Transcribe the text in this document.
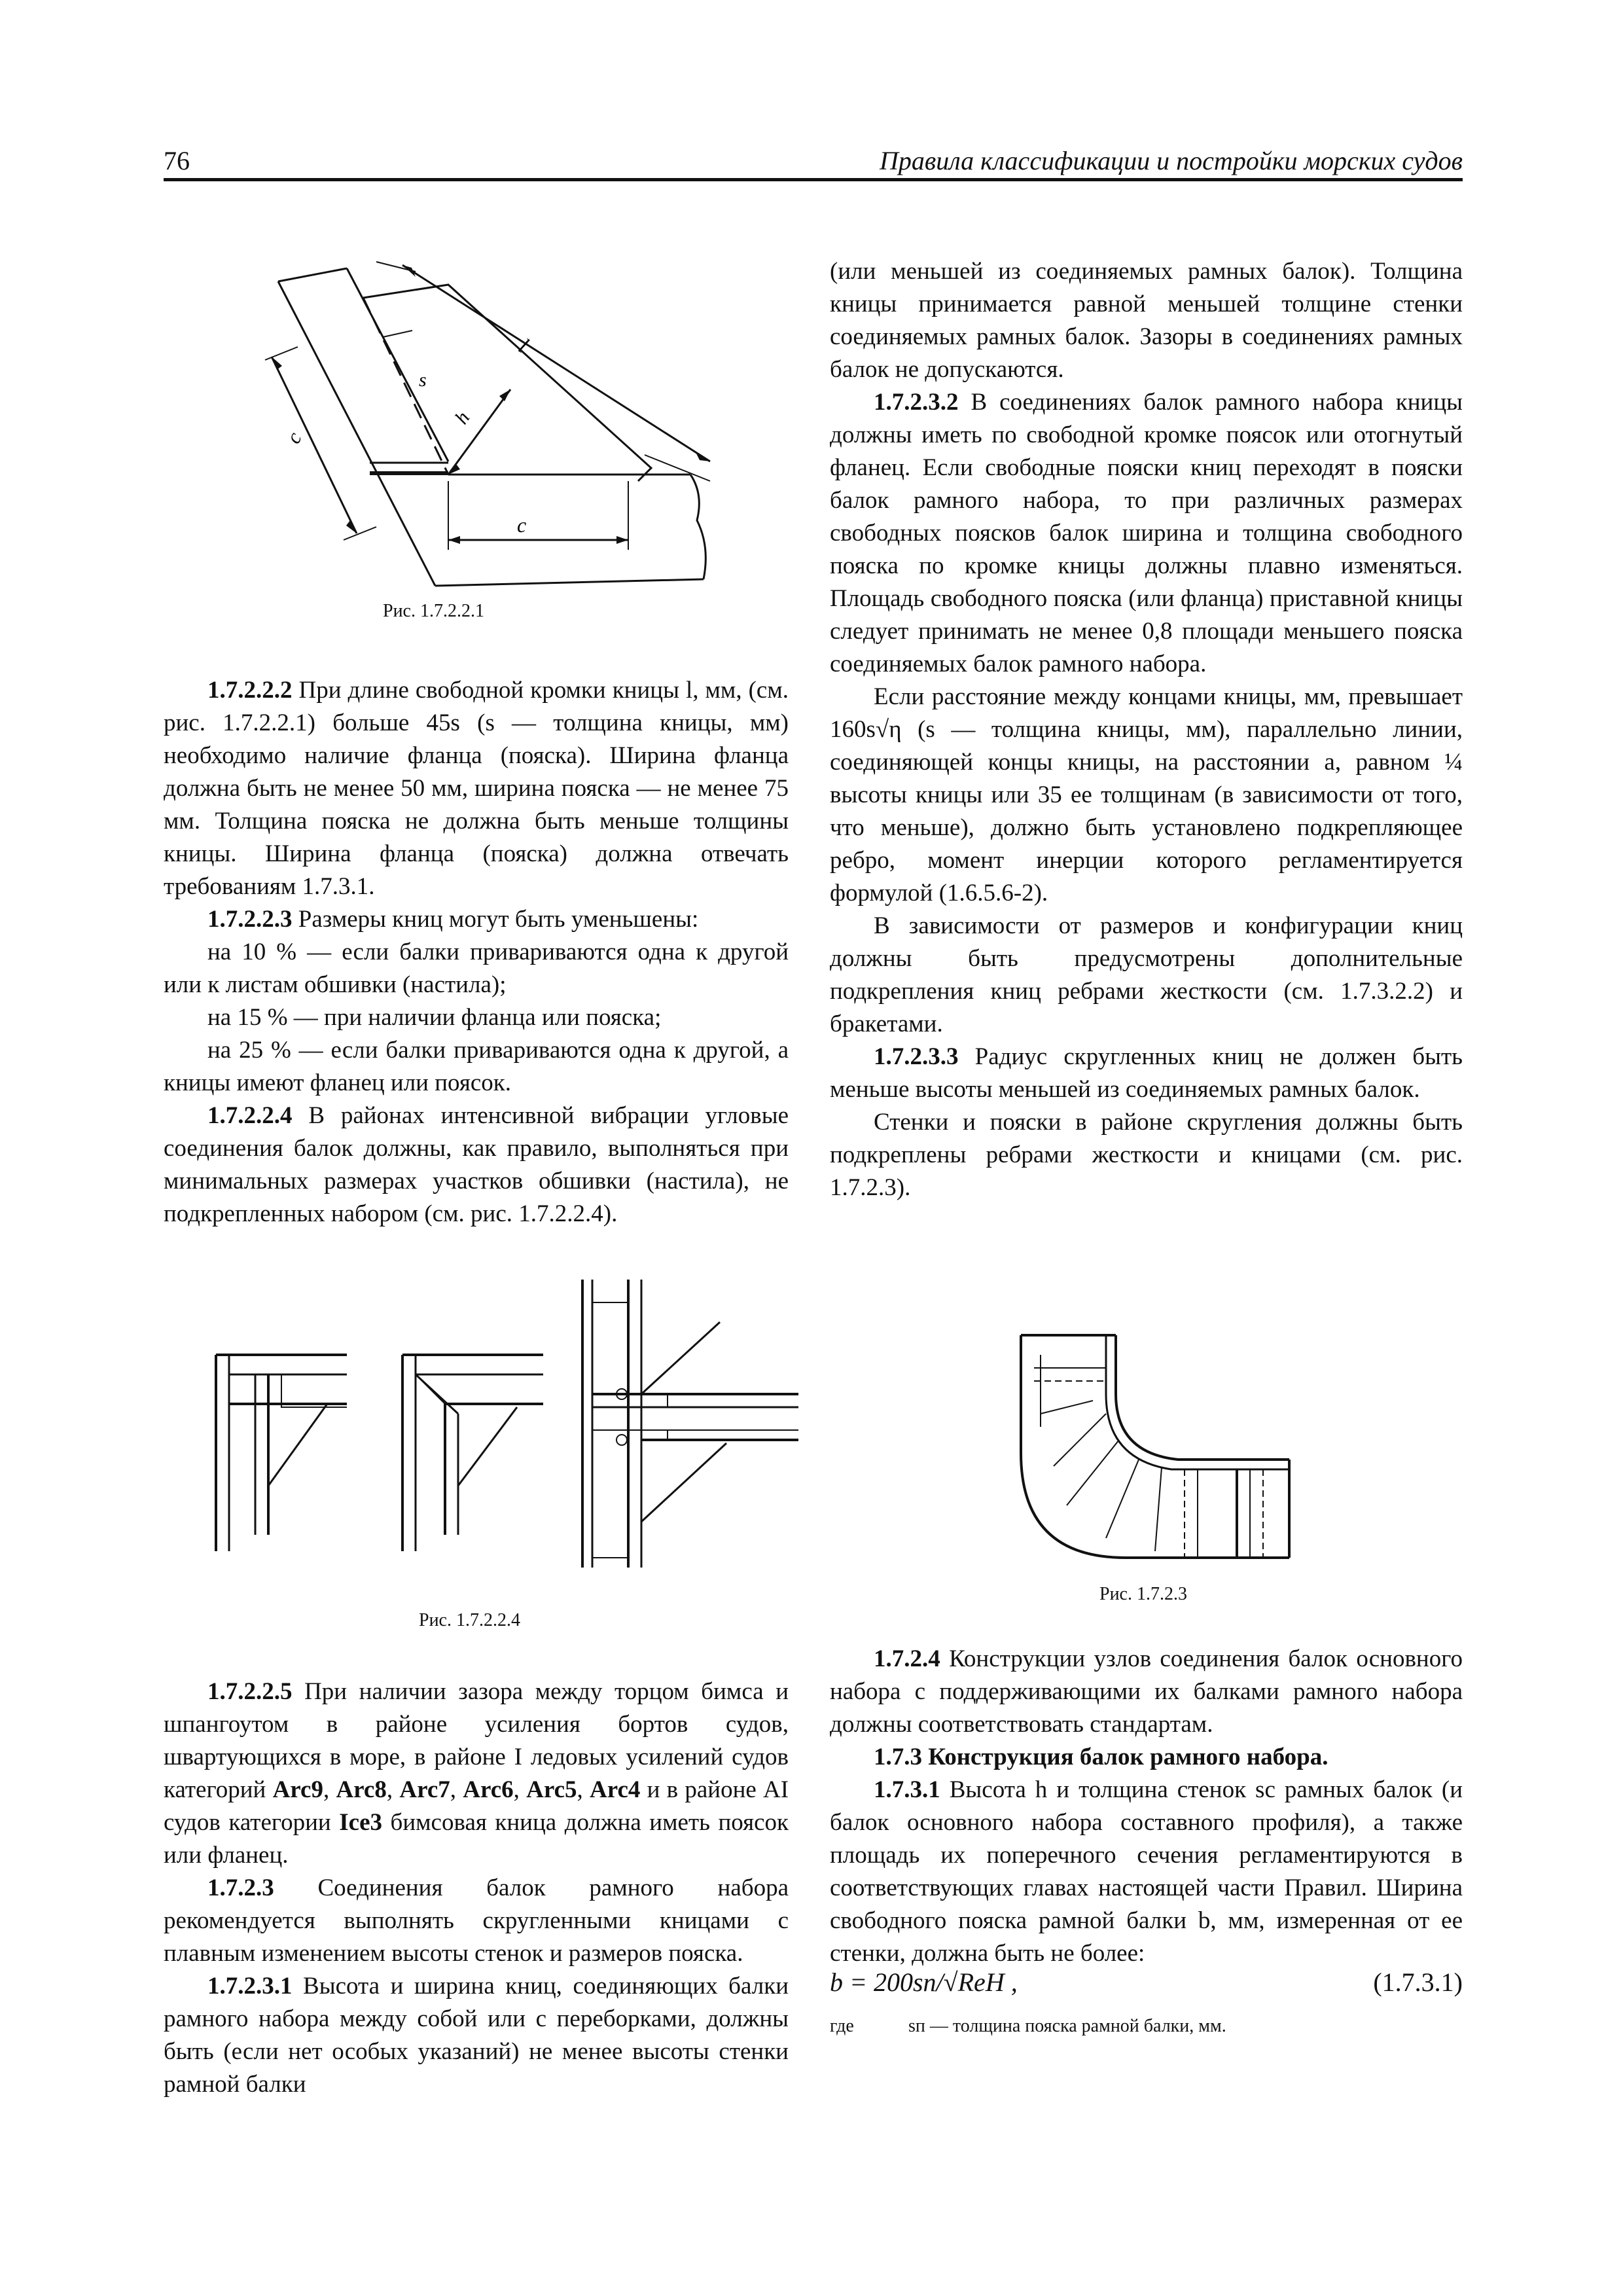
76	Правила классификации и постройки морских судов
l
s
h
c
c
Рис. 1.7.2.2.1

1.7.2.2.2 При длине свободной кромки кницы l, мм, (см. рис. 1.7.2.2.1) больше 45s (s — толщина кницы, мм) необходимо наличие фланца (пояска). Ширина фланца должна быть не менее 50 мм, ширина пояска — не менее 75 мм. Толщина пояска не должна быть меньше толщины кницы. Ширина фланца (пояска) должна отвечать требованиям 1.7.3.1.

1.7.2.2.3 Размеры книц могут быть уменьшены:

на 10 % — если балки привариваются одна к другой или к листам обшивки (настила);

на 15 % — при наличии фланца или пояска;

на 25 % — если балки привариваются одна к другой, а кницы имеют фланец или поясок.

1.7.2.2.4 В районах интенсивной вибрации угловые соединения балок должны, как правило, выполняться при минимальных размерах участков обшивки (настила), не подкрепленных набором (см. рис. 1.7.2.2.4).

Рис. 1.7.2.2.4

1.7.2.2.5 При наличии зазора между торцом бимса и шпангоутом в районе усиления бортов судов, швартующихся в море, в районе I ледовых усилений судов категорий Arc9, Arc8, Arc7, Arc6, Arc5, Arc4 и в районе AI судов категории Ice3 бимсовая кница должна иметь поясок или фланец.

1.7.2.3 Соединения балок рамного набора рекомендуется выполнять скругленными кницами с плавным изменением высоты стенок и размеров пояска.

1.7.2.3.1 Высота и ширина книц, соединяющих балки рамного набора между собой или с переборками, должны быть (если нет особых указаний) не менее высоты стенки рамной балки

(или меньшей из соединяемых рамных балок). Толщина кницы принимается равной меньшей толщине стенки соединяемых рамных балок. Зазоры в соединениях рамных балок не допускаются.

1.7.2.3.2 В соединениях балок рамного набора кницы должны иметь по свободной кромке поясок или отогнутый фланец. Если свободные пояски книц переходят в пояски балок рамного набора, то при различных размерах свободных поясков балок ширина и толщина свободного пояска по кромке кницы должны плавно изменяться. Площадь свободного пояска (или фланца) приставной кницы следует принимать не менее 0,8 площади меньшего пояска соединяемых балок рамного набора.

Если расстояние между концами кницы, мм, превышает 160s√η (s — толщина кницы, мм), параллельно линии, соединяющей концы кницы, на расстоянии a, равном ¼ высоты кницы или 35 ее толщинам (в зависимости от того, что меньше), должно быть установлено подкрепляющее ребро, момент инерции которого регламентируется формулой (1.6.5.6-2).

В зависимости от размеров и конфигурации книц должны быть предусмотрены дополнительные подкрепления книц ребрами жесткости (см. 1.7.3.2.2) и бракетами.

1.7.2.3.3 Радиус скругленных книц не должен быть меньше высоты меньшей из соединяемых рамных балок.

Стенки и пояски в районе скругления должны быть подкреплены ребрами жесткости и кницами (см. рис. 1.7.2.3).

Рис. 1.7.2.3

1.7.2.4 Конструкции узлов соединения балок основного набора с поддерживающими их балками рамного набора должны соответствовать стандартам.

1.7.3 Конструкция балок рамного набора.

1.7.3.1 Высота h и толщина стенок sc рамных балок (и балок основного набора составного профиля), а также площадь их поперечного сечения регламентируются в соответствующих главах настоящей части Правил. Ширина свободного пояска рамной балки b, мм, измеренная от ее стенки, должна быть не более:

b = 200sп/√ReH ,	(1.7.3.1)
где	sп — толщина пояска рамной балки, мм.
